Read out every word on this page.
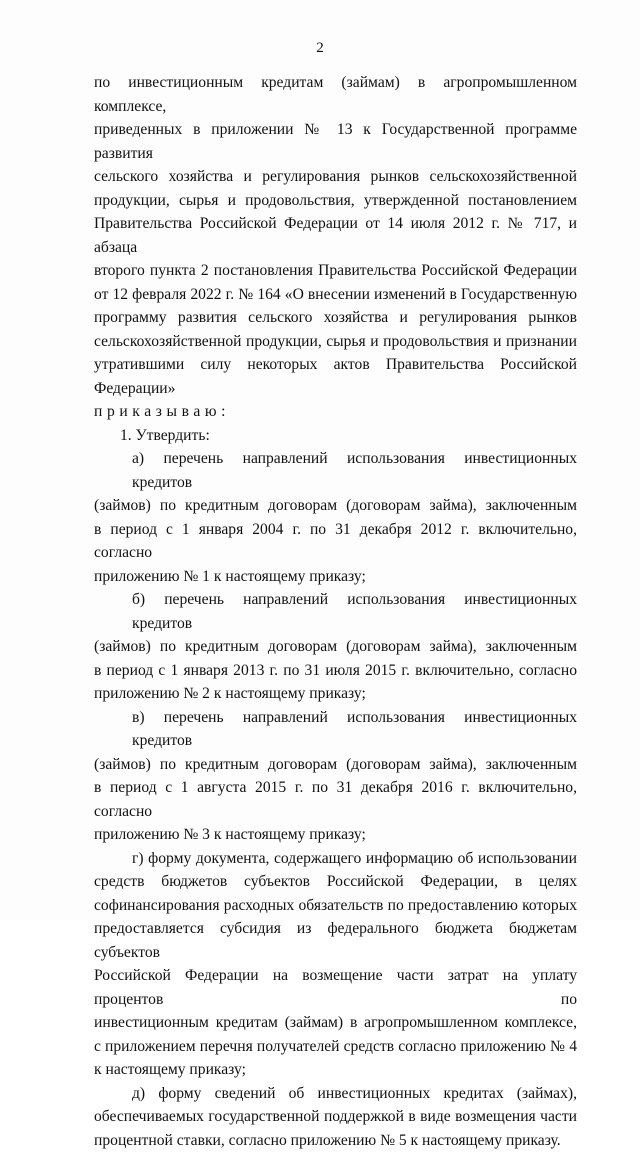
2
по инвестиционным кредитам (займам) в агропромышленном комплексе,
приведенных в приложении № 13 к Государственной программе развития
сельского хозяйства и регулирования рынков сельскохозяйственной
продукции, сырья и продовольствия, утвержденной постановлением
Правительства Российской Федерации от 14 июля 2012 г. № 717, и абзаца
второго пункта 2 постановления Правительства Российской Федерации
от 12 февраля 2022 г. № 164 «О внесении изменений в Государственную
программу развития сельского хозяйства и регулирования рынков
сельскохозяйственной продукции, сырья и продовольствия и признании
утратившими силу некоторых актов Правительства Российской Федерации»
приказываю:
1. Утвердить:
а) перечень направлений использования инвестиционных кредитов
(займов) по кредитным договорам (договорам займа), заключенным
в период с 1 января 2004 г. по 31 декабря 2012 г. включительно, согласно
приложению № 1 к настоящему приказу;
б) перечень направлений использования инвестиционных кредитов
(займов) по кредитным договорам (договорам займа), заключенным
в период с 1 января 2013 г. по 31 июля 2015 г. включительно, согласно
приложению № 2 к настоящему приказу;
в) перечень направлений использования инвестиционных кредитов
(займов) по кредитным договорам (договорам займа), заключенным
в период с 1 августа 2015 г. по 31 декабря 2016 г. включительно, согласно
приложению № 3 к настоящему приказу;
г) форму документа, содержащего информацию об использовании
средств бюджетов субъектов Российской Федерации, в целях
софинансирования расходных обязательств по предоставлению которых
предоставляется субсидия из федерального бюджета бюджетам субъектов
Российской Федерации на возмещение части затрат на уплату процентов по
инвестиционным кредитам (займам) в агропромышленном комплексе,
с приложением перечня получателей средств согласно приложению № 4
к настоящему приказу;
д) форму сведений об инвестиционных кредитах (займах),
обеспечиваемых государственной поддержкой в виде возмещения части
процентной ставки, согласно приложению № 5 к настоящему приказу.
